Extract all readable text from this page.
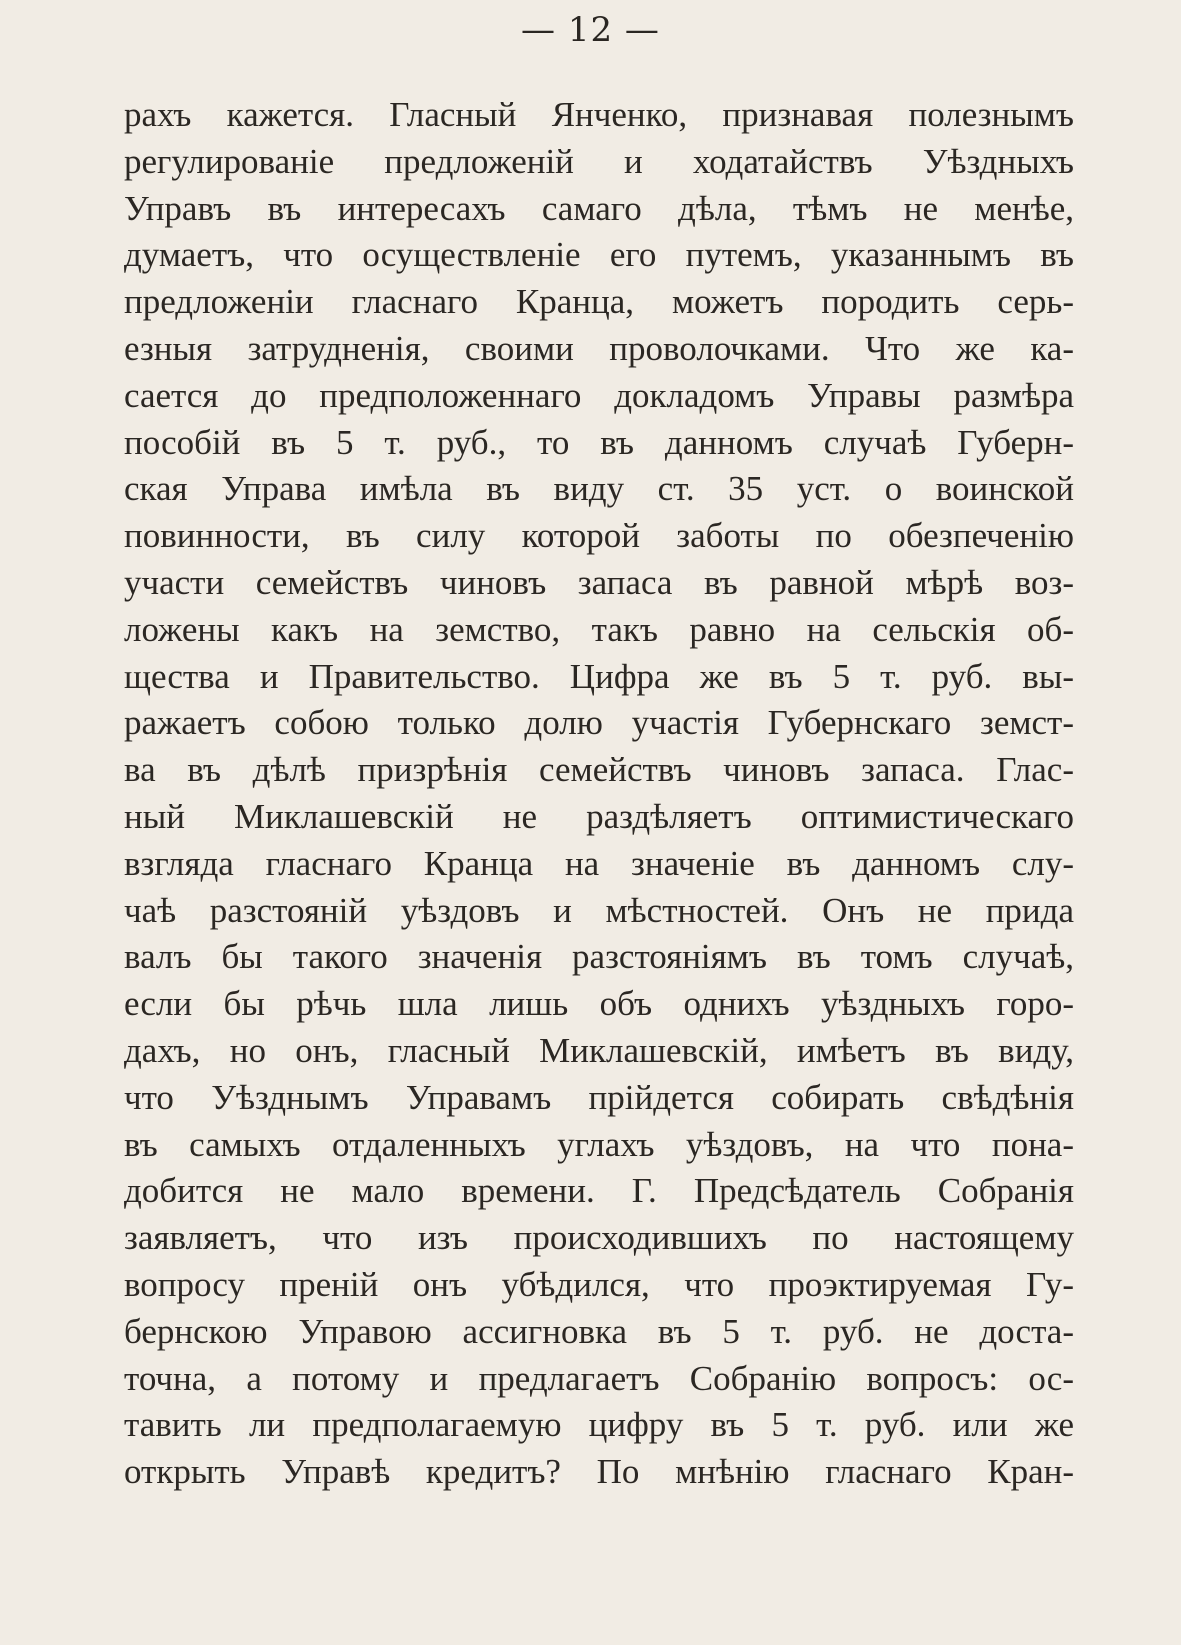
— 12 —
рахъ кажется. Гласный Янченко, признавая полезнымъ
регулированіе предложеній и ходатайствъ Уѣздныхъ
Управъ въ интересахъ самаго дѣла, тѣмъ не менѣе,
думаетъ, что осуществленіе его путемъ, указаннымъ въ
предложеніи гласнаго Кранца, можетъ породить серь-
езныя затрудненія, своими проволочками. Что же ка-
сается до предположеннаго докладомъ Управы размѣра
пособій въ 5 т. руб., то въ данномъ случаѣ Губерн-
ская Управа имѣла въ виду ст. 35 уст. о воинской
повинности, въ силу которой заботы по обезпеченію
участи семействъ чиновъ запаса въ равной мѣрѣ воз-
ложены какъ на земство, такъ равно на сельскія об-
щества и Правительство. Цифра же въ 5 т. руб. вы-
ражаетъ собою только долю участія Губернскаго земст-
ва въ дѣлѣ призрѣнія семействъ чиновъ запаса. Глас-
ный Миклашевскій не раздѣляетъ оптимистическаго
взгляда гласнаго Кранца на значеніе въ данномъ слу-
чаѣ разстояній уѣздовъ и мѣстностей. Онъ не прида
валъ бы такого значенія разстояніямъ въ томъ случаѣ,
если бы рѣчь шла лишь объ однихъ уѣздныхъ горо-
дахъ, но онъ, гласный Миклашевскій, имѣетъ въ виду,
что Уѣзднымъ Управамъ прійдется собирать свѣдѣнія
въ самыхъ отдаленныхъ углахъ уѣздовъ, на что пона-
добится не мало времени. Г. Предсѣдатель Собранія
заявляетъ, что изъ происходившихъ по настоящему
вопросу преній онъ убѣдился, что проэктируемая Гу-
бернскою Управою ассигновка въ 5 т. руб. не доста-
точна, а потому и предлагаетъ Собранію вопросъ: ос-
тавить ли предполагаемую цифру въ 5 т. руб. или же
открыть Управѣ кредитъ? По мнѣнію гласнаго Кран-
